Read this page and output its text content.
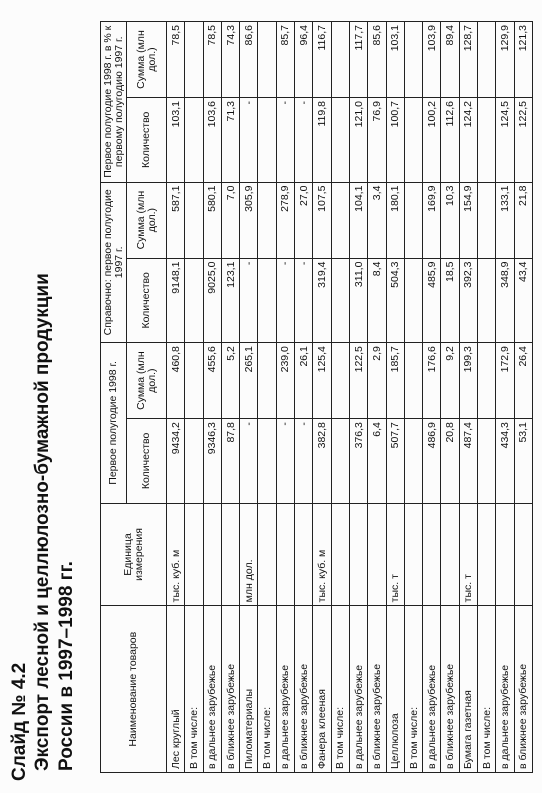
Слайд № 4.2 Экспорт лесной и целлюлозно-бумажной продукции России в 1997–1998 гг.	Наименование товаров	Единица измерения	Первое полугодие 1998 г.		Справочно: первое полугодие 1997 г.		Первое полугодие 1998 г. в % к первому полугодию 1997 г.	
		Количество	Сумма (млн дол.)	Количество	Сумма (млн дол.)	Количество	Сумма (млн дол.)
Лес круглый	тыс. куб. м	9434,2	460,8	9148,1	587,1	103,1	78,5
В том числе:							
в дальнее зарубежье		9346,3	455,6	9025,0	580,1	103,6	78,5
в ближнее зарубежье		87,8	5,2	123,1	7,0	71,3	74,3
Пиломатериалы	млн дол.	-	265,1	-	305,9	-	86,6
В том числе:							
в дальнее зарубежье		-	239,0	-	278,9	-	85,7
в ближнее зарубежье		-	26,1	-	27,0	-	96,4
Фанера клееная	тыс. куб. м	382,8	125,4	319,4	107,5	119,8	116,7
В том числе:							
в дальнее зарубежье		376,3	122,5	311,0	104,1	121,0	117,7
в ближнее зарубежье		6,4	2,9	8,4	3,4	76,9	85,6
Целлюлоза	тыс. т	507,7	185,7	504,3	180,1	100,7	103,1
В том числе:							
в дальнее зарубежье		486,9	176,6	485,9	169,9	100,2	103,9
в ближнее зарубежье		20,8	9,2	18,5	10,3	112,6	89,4
Бумага газетная	тыс. т	487,4	199,3	392,3	154,9	124,2	128,7
В том числе:							
в дальнее зарубежье		434,3	172,9	348,9	133,1	124,5	129,9
в ближнее зарубежье		53,1	26,4	43,4	21,8	122,5	121,3
